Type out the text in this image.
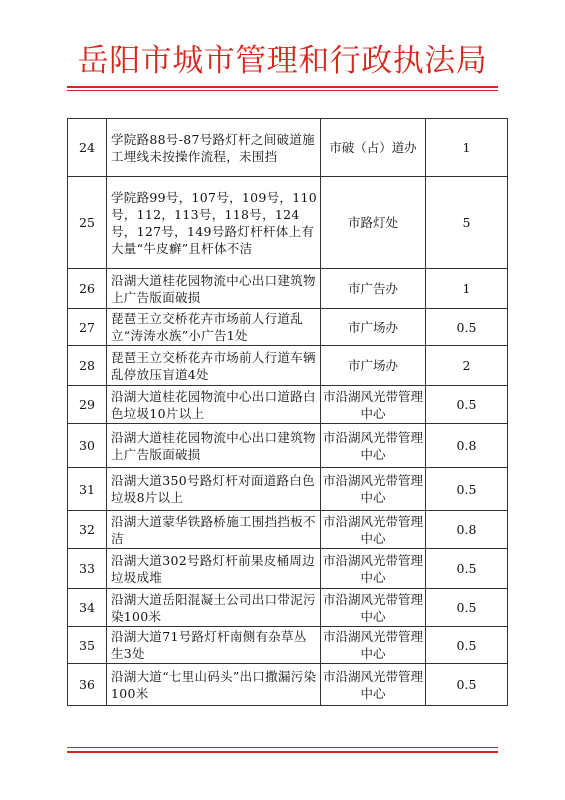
岳阳市城市管理和行政执法局
24	学院路88号-87号路灯杆之间破道施工埋线未按操作流程，未围挡	市破（占）道办	1
25	学院路99号，107号，109号，110号，112，113号，118号，124号，127号，149号路灯杆杆体上有大量“牛皮癣”且杆体不洁	市路灯处	5
26	沿湖大道桂花园物流中心出口建筑物上广告版面破损	市广告办	1
27	琵琶王立交桥花卉市场前人行道乱立“涛涛水族”小广告1处	市广场办	0.5
28	琵琶王立交桥花卉市场前人行道车辆乱停放压盲道4处	市广场办	2
29	沿湖大道桂花园物流中心出口道路白色垃圾10片以上	市沿湖风光带管理中心	0.5
30	沿湖大道桂花园物流中心出口建筑物上广告版面破损	市沿湖风光带管理中心	0.8
31	沿湖大道350号路灯杆对面道路白色垃圾8片以上	市沿湖风光带管理中心	0.5
32	沿湖大道蒙华铁路桥施工围挡挡板不洁	市沿湖风光带管理中心	0.8
33	沿湖大道302号路灯杆前果皮桶周边垃圾成堆	市沿湖风光带管理中心	0.5
34	沿湖大道岳阳混凝土公司出口带泥污染100米	市沿湖风光带管理中心	0.5
35	沿湖大道71号路灯杆南侧有杂草丛生3处	市沿湖风光带管理中心	0.5
36	沿湖大道“七里山码头”出口撒漏污染100米	市沿湖风光带管理中心	0.5
